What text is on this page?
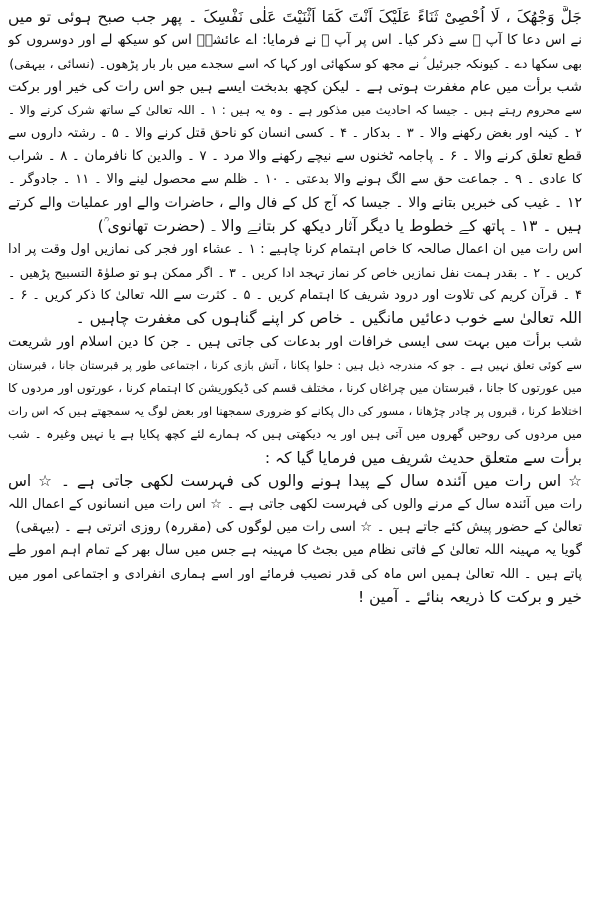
جَلَّ وَجْهُکَ ، لَا اُحْصِیْ ثَنَاءً عَلَیْکَ اَنْتَ کَمَا اَثْنَیْتَ عَلٰی نَفْسِکَ ۔ پھر جب صبح ہوئی تو میں
نے اس دعا کا آپ ﷺ سے ذکر کیا۔ اس پر آپ ﷺ نے فرمایا: اے عائشہؓ اس کو سیکھ لے اور دوسروں کو
بھی سکھا دے ۔ کیونکہ جبرئیل ؑ نے مجھ کو سکھائی اور کہا کہ اسے سجدے میں بار بار پڑھوں۔ (نسائی ، بیہقی)
شب برأت میں عام مغفرت ہوتی ہے ۔ لیکن کچھ بدبخت ایسے ہیں جو اس رات کی خیر اور برکت
سے محروم رہتے ہیں ۔ جیسا کہ احادیث میں مذکور ہے ۔ وہ یہ ہیں : ۱ ۔ اللہ تعالیٰ کے ساتھ شرک کرنے والا ۔
۲ ۔ کینہ اور بغض رکھنے والا ۔ ۳ ۔ بدکار ۔ ۴ ۔ کسی انسان کو ناحق قتل کرنے والا ۔ ۵ ۔ رشتہ داروں سے
قطع تعلق کرنے والا ۔ ۶ ۔ پاجامہ ٹخنوں سے نیچے رکھنے والا مرد ۔ ۷ ۔ والدین کا نافرمان ۔ ۸ ۔ شراب
کا عادی ۔ ۹ ۔ جماعت حق سے الگ ہونے والا بدعتی ۔ ۱۰ ۔ ظلم سے محصول لینے والا ۔ ۱۱ ۔ جادوگر ۔
۱۲ ۔ غیب کی خبریں بتانے والا ۔ جیسا کہ آج کل کے فال والے ، حاضرات والے اور عملیات والے کرتے
ہیں ۔ ۱۳ ۔ ہاتھ کے خطوط یا دیگر آثار دیکھ کر بتانے والا ۔ (حضرت تھانوی ؒ)
اس رات میں ان اعمال صالحہ کا خاص اہتمام کرنا چاہیے : ۱ ۔ عشاء اور فجر کی نمازیں اول وقت پر ادا
کریں ۔ ۲ ۔ بقدر ہمت نفل نمازیں خاص کر نماز تہجد ادا کریں ۔ ۳ ۔ اگر ممکن ہو تو صلوٰۃ التسبیح پڑھیں ۔
۴ ۔ قرآن کریم کی تلاوت اور درود شریف کا اہتمام کریں ۔ ۵ ۔ کثرت سے اللہ تعالیٰ کا ذکر کریں ۔ ۶ ۔
اللہ تعالیٰ سے خوب دعائیں مانگیں ۔ خاص کر اپنے گناہوں کی مغفرت چاہیں ۔
شب برأت میں بہت سی ایسی خرافات اور بدعات کی جاتی ہیں ۔ جن کا دین اسلام اور شریعت
سے کوئی تعلق نہیں ہے ۔ جو کہ مندرجہ ذیل ہیں : حلوا پکانا ، آتش بازی کرنا ، اجتماعی طور پر قبرستان جانا ، قبرستان
میں عورتوں کا جانا ، قبرستان میں چراغاں کرنا ، مختلف قسم کی ڈیکوریشن کا اہتمام کرنا ، عورتوں اور مردوں کا
اختلاط کرنا ، قبروں پر چادر چڑھانا ، مسور کی دال پکانے کو ضروری سمجھنا اور بعض لوگ یہ سمجھتے ہیں کہ اس رات
میں مردوں کی روحیں گھروں میں آتی ہیں اور یہ دیکھتی ہیں کہ ہمارے لئے کچھ پکایا ہے یا نہیں وغیرہ ۔ شب
برأت سے متعلق حدیث شریف میں فرمایا گیا کہ :
☆ اس رات میں آئندہ سال کے پیدا ہونے والوں کی فہرست لکھی جاتی ہے ۔ ☆ اس
رات میں آئندہ سال کے مرنے والوں کی فہرست لکھی جاتی ہے ۔ ☆ اس رات میں انسانوں کے اعمال اللہ
تعالیٰ کے حضور پیش کئے جاتے ہیں ۔ ☆ اسی رات میں لوگوں کی (مقررہ) روزی اترتی ہے ۔ (بیہقی)
گویا یہ مہینہ اللہ تعالیٰ کے فاتی نظام میں بجٹ کا مہینہ ہے جس میں سال بھر کے تمام اہم امور طے
پاتے ہیں ۔ اللہ تعالیٰ ہمیں اس ماہ کی قدر نصیب فرمائے اور اسے ہماری انفرادی و اجتماعی امور میں
خیر و برکت کا ذریعہ بنائے ۔ آمین !
